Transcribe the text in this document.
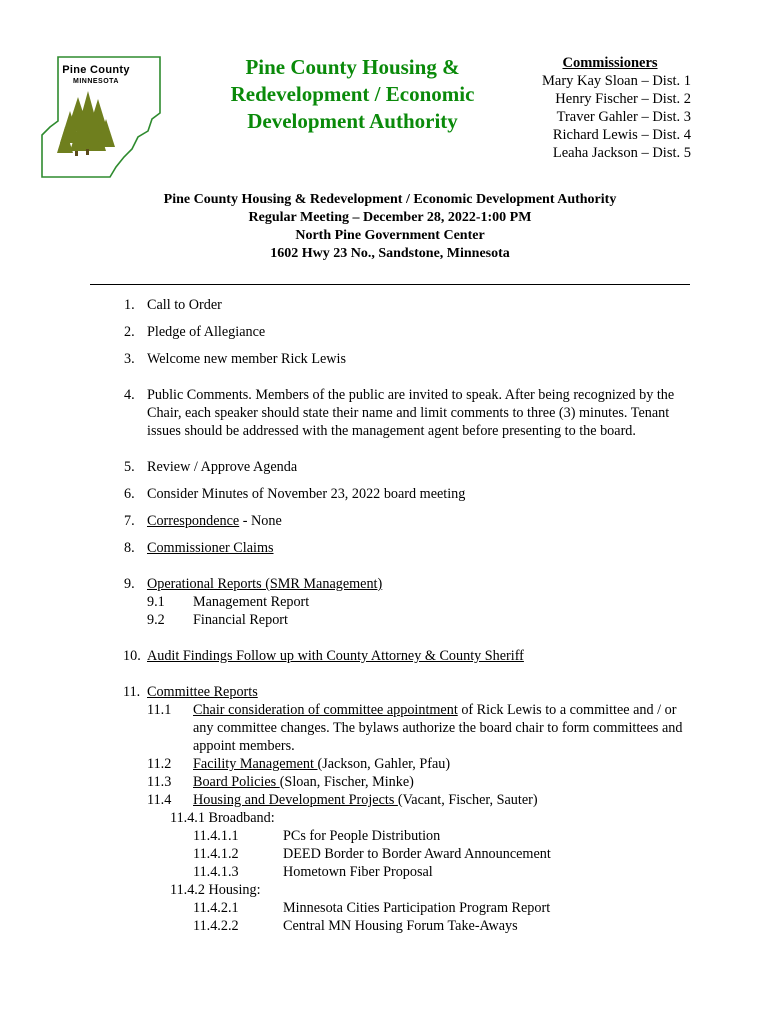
Pine County
MINNESOTA
Pine County Housing &
Redevelopment / Economic
Development Authority
Commissioners
Mary Kay Sloan – Dist. 1
Henry Fischer – Dist. 2
Traver Gahler – Dist. 3
Richard Lewis – Dist. 4
Leaha Jackson – Dist. 5
Pine County Housing & Redevelopment / Economic Development Authority
Regular Meeting – December 28, 2022-1:00 PM
North Pine Government Center
1602 Hwy 23 No., Sandstone, Minnesota
1. Call to Order
2. Pledge of Allegiance
3. Welcome new member Rick Lewis
4. Public Comments. Members of the public are invited to speak. After being recognized by the Chair, each speaker should state their name and limit comments to three (3) minutes. Tenant issues should be addressed with the management agent before presenting to the board.
5. Review / Approve Agenda
6. Consider Minutes of November 23, 2022 board meeting
7. Correspondence - None
8. Commissioner Claims
9. Operational Reports (SMR Management)
9.1 Management Report
9.2 Financial Report
10. Audit Findings Follow up with County Attorney & County Sheriff
11. Committee Reports
11.1 Chair consideration of committee appointment of Rick Lewis to a committee and / or any committee changes. The bylaws authorize the board chair to form committees and appoint members.
11.2 Facility Management (Jackson, Gahler, Pfau)
11.3 Board Policies (Sloan, Fischer, Minke)
11.4 Housing and Development Projects (Vacant, Fischer, Sauter)
11.4.1 Broadband:
11.4.1.1	PCs for People Distribution
11.4.1.2	DEED Border to Border Award Announcement
11.4.1.3	Hometown Fiber Proposal
11.4.2 Housing:
11.4.2.1	Minnesota Cities Participation Program Report
11.4.2.2	Central MN Housing Forum Take-Aways
